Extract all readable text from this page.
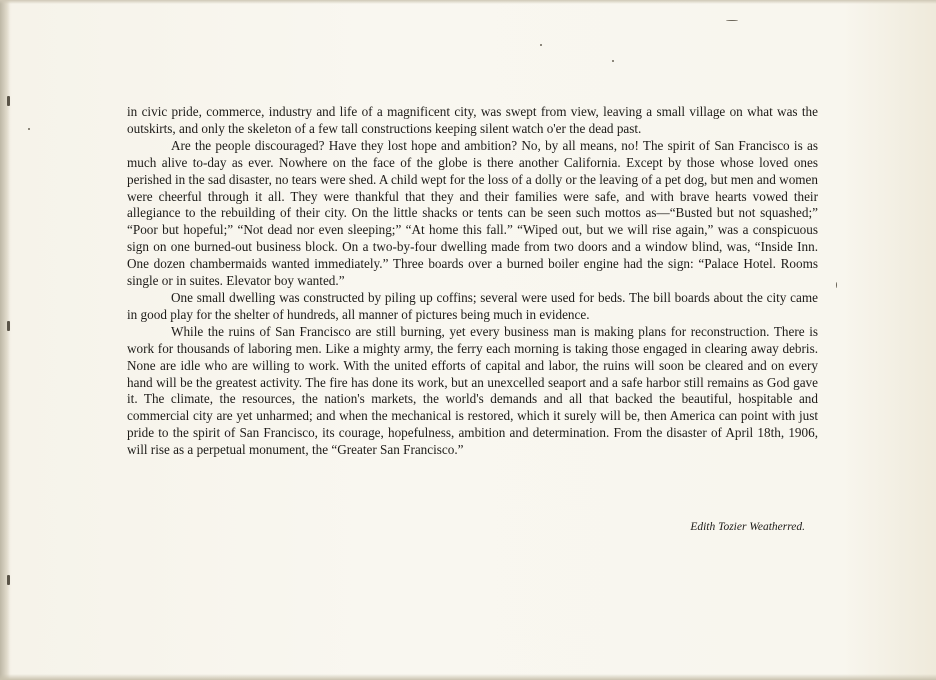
in civic pride, commerce, industry and life of a magnificent city, was swept from view, leaving a small village on what was the outskirts, and only the skeleton of a few tall constructions keeping silent watch o'er the dead past.

Are the people discouraged? Have they lost hope and ambition? No, by all means, no! The spirit of San Francisco is as much alive to-day as ever. Nowhere on the face of the globe is there another California. Except by those whose loved ones perished in the sad disaster, no tears were shed. A child wept for the loss of a dolly or the leaving of a pet dog, but men and women were cheerful through it all. They were thankful that they and their families were safe, and with brave hearts vowed their allegiance to the rebuilding of their city. On the little shacks or tents can be seen such mottos as—“Busted but not squashed;” “Poor but hopeful;” “Not dead nor even sleeping;” “At home this fall.” “Wiped out, but we will rise again,” was a conspicuous sign on one burned-out business block. On a two-by-four dwelling made from two doors and a window blind, was, “Inside Inn. One dozen chambermaids wanted immediately.” Three boards over a burned boiler engine had the sign: “Palace Hotel. Rooms single or in suites. Elevator boy wanted.”

One small dwelling was constructed by piling up coffins; several were used for beds. The bill boards about the city came in good play for the shelter of hundreds, all manner of pictures being much in evidence.

While the ruins of San Francisco are still burning, yet every business man is making plans for reconstruction. There is work for thousands of laboring men. Like a mighty army, the ferry each morning is taking those engaged in clearing away debris. None are idle who are willing to work. With the united efforts of capital and labor, the ruins will soon be cleared and on every hand will be the greatest activity. The fire has done its work, but an unexcelled seaport and a safe harbor still remains as God gave it. The climate, the resources, the nation's markets, the world's demands and all that backed the beautiful, hospitable and commercial city are yet unharmed; and when the mechanical is restored, which it surely will be, then America can point with just pride to the spirit of San Francisco, its courage, hopefulness, ambition and determination. From the disaster of April 18th, 1906, will rise as a perpetual monument, the “Greater San Francisco.”

Edith Tozier Weatherred.
